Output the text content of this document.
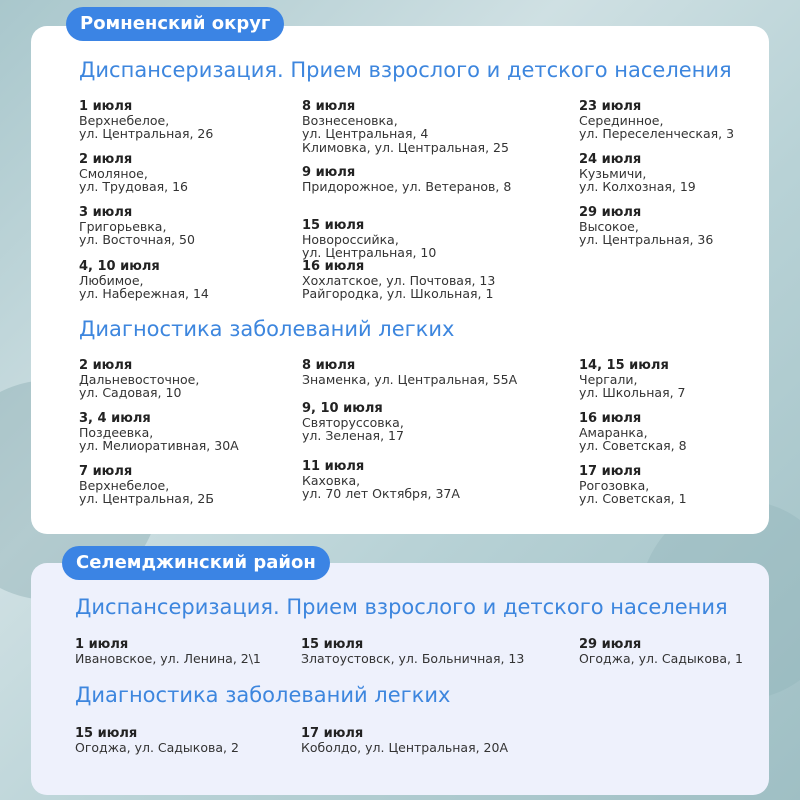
Ромненский округ
Селемджинский район
Диспансеризация. Прием взрослого и детского населения
Диагностика заболеваний легких
Диспансеризация. Прием взрослого и детского населения
Диагностика заболеваний легких
1 июля
Верхнебелое,
ул. Центральная, 26
2 июля
Смоляное,
ул. Трудовая, 16
3 июля
Григорьевка,
ул. Восточная, 50
4, 10 июля
Любимое,
ул. Набережная, 14
8 июля
Вознесеновка,
ул. Центральная, 4
Климовка, ул. Центральная, 25
9 июля
Придорожное, ул. Ветеранов, 8
15 июля
Новороссийка,
ул. Центральная, 10
16 июля
Хохлатское, ул. Почтовая, 13
Райгородка, ул. Школьная, 1
23 июля
Серединное,
ул. Переселенческая, 3
24 июля
Кузьмичи,
ул. Колхозная, 19
29 июля
Высокое,
ул. Центральная, 36
2 июля
Дальневосточное,
ул. Садовая, 10
3, 4 июля
Поздеевка,
ул. Мелиоративная, 30А
7 июля
Верхнебелое,
ул. Центральная, 2Б
8 июля
Знаменка, ул. Центральная, 55А
9, 10 июля
Святоруссовка,
ул. Зеленая, 17
11 июля
Каховка,
ул. 70 лет Октября, 37А
14, 15 июля
Чергали,
ул. Школьная, 7
16 июля
Амаранка,
ул. Советская, 8
17 июля
Рогозовка,
ул. Советская, 1
1 июля
Ивановское, ул. Ленина, 2\1
15 июля
Златоустовск, ул. Больничная, 13
29 июля
Огоджа, ул. Садыкова, 1
15 июля
Огоджа, ул. Садыкова, 2
17 июля
Коболдо, ул. Центральная, 20А
